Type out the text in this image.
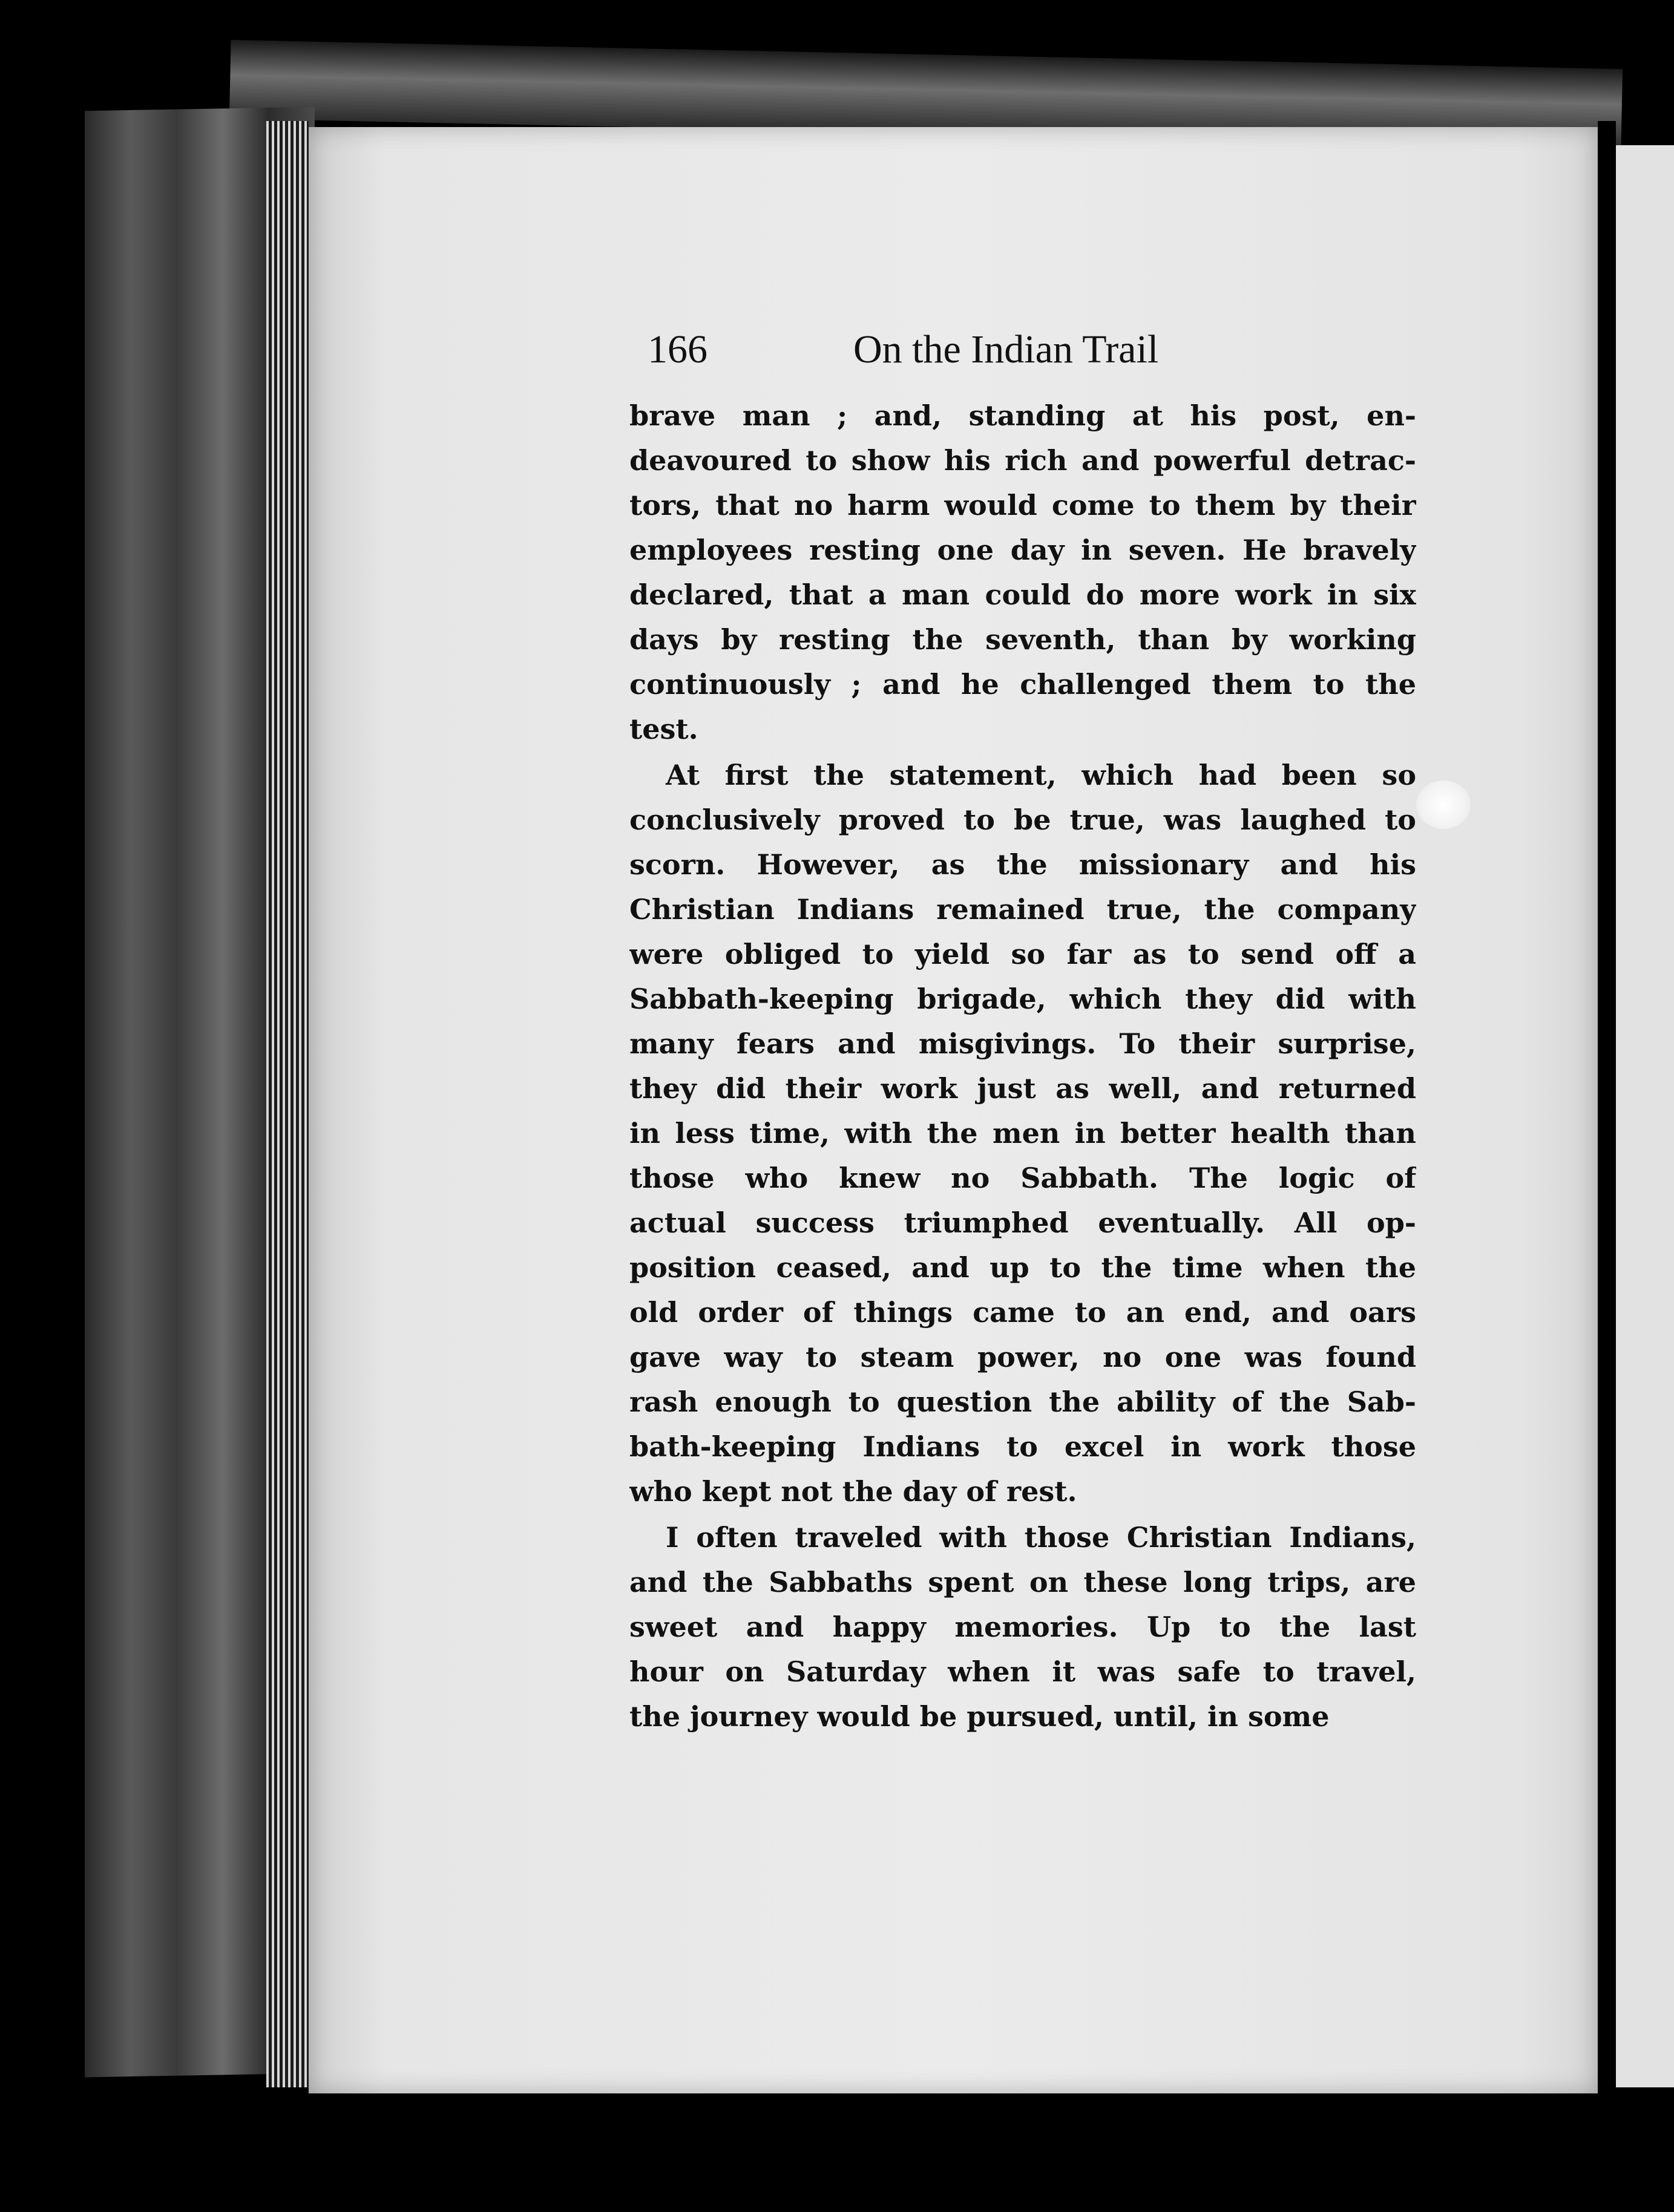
166	On the Indian Trail
brave man ; and, standing at his post, en-
deavoured to show his rich and powerful detrac-
tors, that no harm would come to them by their
employees resting one day in seven. He bravely
declared, that a man could do more work in six
days by resting the seventh, than by working
continuously ; and he challenged them to the
test.
At first the statement, which had been so
conclusively proved to be true, was laughed to
scorn. However, as the missionary and his
Christian Indians remained true, the company
were obliged to yield so far as to send off a
Sabbath-keeping brigade, which they did with
many fears and misgivings. To their surprise,
they did their work just as well, and returned
in less time, with the men in better health than
those who knew no Sabbath. The logic of
actual success triumphed eventually. All op-
position ceased, and up to the time when the
old order of things came to an end, and oars
gave way to steam power, no one was found
rash enough to question the ability of the Sab-
bath-keeping Indians to excel in work those
who kept not the day of rest.
I often traveled with those Christian Indians,
and the Sabbaths spent on these long trips, are
sweet and happy memories. Up to the last
hour on Saturday when it was safe to travel,
the journey would be pursued, until, in some
